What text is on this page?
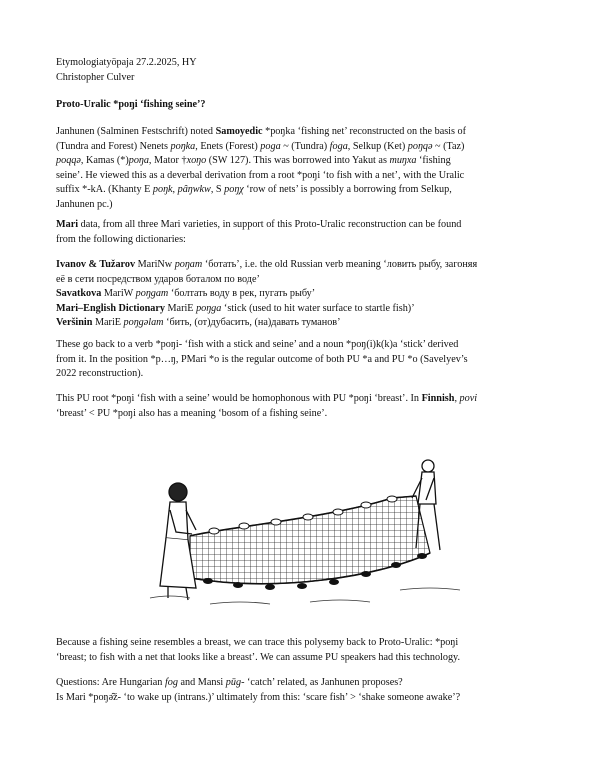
Etymologiatyöpaja 27.2.2025, HY
Christopher Culver

Proto-Uralic *poŋi ‘fishing seine’?

Janhunen (Salminen Festschrift) noted Samoyedic *poŋka ‘fishing net’ reconstructed on the basis of
(Tundra and Forest) Nenets poŋka, Enets (Forest) poga ~ (Tundra) foga, Selkup (Ket) poŋqə ~ (Taz)
poqqə, Kamas (*)poŋa, Mator †xoŋo (SW 127). This was borrowed into Yakut as muŋxa ‘fishing
seine’. He viewed this as a deverbal derivation from a root *poŋi ‘to fish with a net’, with the Uralic
suffix *-kA. (Khanty E poŋk, pȃŋwkw, S poŋχ ‘row of nets’ is possibly a borrowing from Selkup,
Janhunen pc.)

Mari data, from all three Mari varieties, in support of this Proto-Uralic reconstruction can be found
from the following dictionaries:

Ivanov & Tužarov MariNw poŋam ‘ботать’, i.e. the old Russian verb meaning ‘ловить рыбу, загоняя
её в сети посредством ударов боталом по воде’
Savatkova MariW poŋgam ‘болтать воду в рек, пугать рыбу’
Mari–English Dictionary MariE poŋga ‘stick (used to hit water surface to startle fish)’
Veršinin MariE poŋgəlam ‘бить, (от)дубасить, (на)давать туманов’

These go back to a verb *poŋi- ‘fish with a stick and seine’ and a noun *poŋ(i)k(k)a ‘stick’ derived
from it. In the position *p…ŋ, PMari *o is the regular outcome of both PU *a and PU *o (Savelyev’s
2022 reconstruction).

This PU root *poŋi ‘fish with a seine’ would be homophonous with PU *poŋi ‘breast’. In Finnish, povi
‘breast’ < PU *poŋi also has a meaning ‘bosom of a fishing seine’.

Because a fishing seine resembles a breast, we can trace this polysemy back to Proto-Uralic: *poŋi
‘breast; to fish with a net that looks like a breast’. We can assume PU speakers had this technology.

Questions: Are Hungarian fog and Mansi pūg- ‘catch’ related, as Janhunen proposes?
Is Mari *poŋə̑ž- ‘to wake up (intrans.)’ ultimately from this: ‘scare fish’ > ‘shake someone awake’?
